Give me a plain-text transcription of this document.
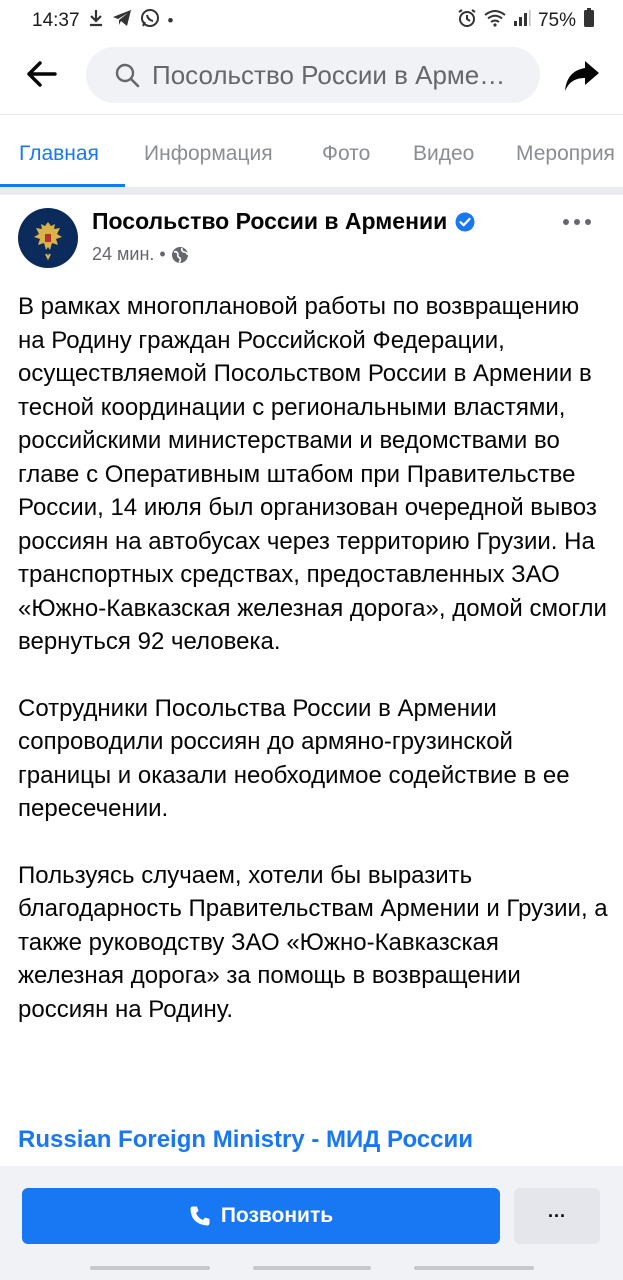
14:37	•	75%
Посольство России в Арме…
Главная Информация Фото Видео Мероприя
Посольство России в Армении
24 мин. •

В рамках многоплановой работы по возвращению на Родину граждан Российской Федерации, осуществляемой Посольством России в Армении в тесной координации с региональными властями, российскими министерствами и ведомствами во главе с Оперативным штабом при Правительстве России, 14 июля был организован очередной вывоз россиян на автобусах через территорию Грузии. На транспортных средствах, предоставленных ЗАО «Южно-Кавказская железная дорога», домой смогли вернуться 92 человека.

Сотрудники Посольства России в Армении сопроводили россиян до армяно-грузинской границы и оказали необходимое содействие в ее пересечении.

Пользуясь случаем, хотели бы выразить благодарность Правительствам Армении и Грузии, а также руководству ЗАО «Южно-Кавказская железная дорога» за помощь в возвращении россиян на Родину.

Russian Foreign Ministry - МИД России
Позвонить	···
